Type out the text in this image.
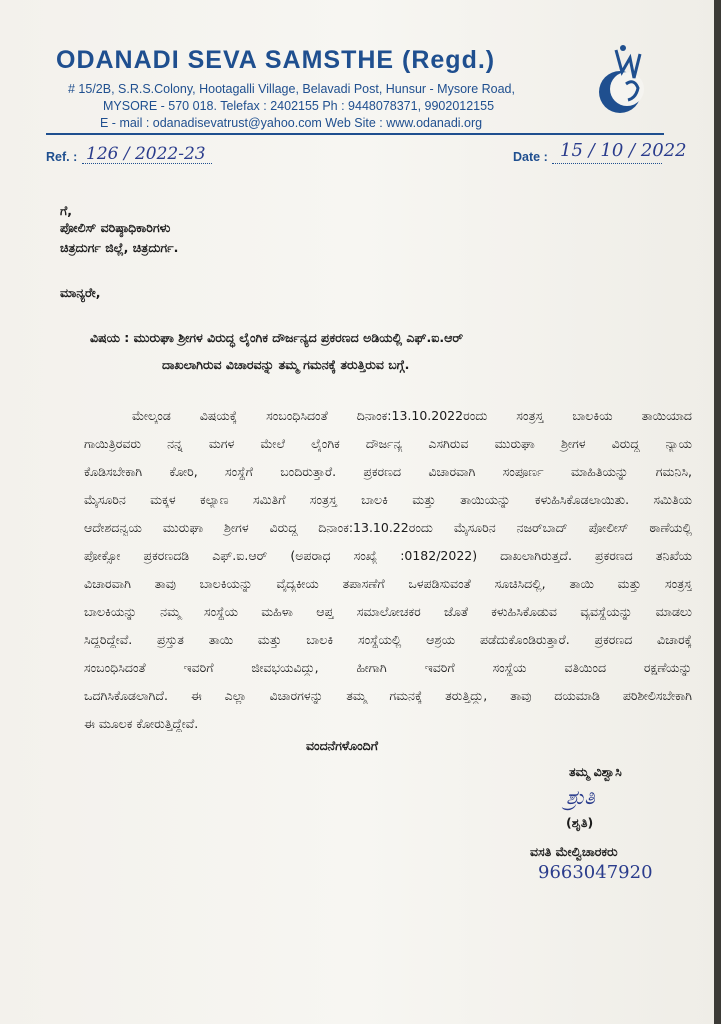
ODANADI SEVA SAMSTHE (Regd.)
# 15/2B, S.R.S.Colony, Hootagalli Village, Belavadi Post, Hunsur - Mysore Road,
MYSORE - 570 018. Telefax : 2402155 Ph : 9448078371, 9902012155
E - mail : odanadisevatrust@yahoo.com Web Site : www.odanadi.org
Ref. : 126 / 2022-23	Date : 15 / 10 / 2022
ಗೆ,
ಪೋಲಿಸ್ ವರಿಷ್ಠಾಧಿಕಾರಿಗಳು
ಚಿತ್ರದುರ್ಗ ಜಿಲ್ಲೆ, ಚಿತ್ರದುರ್ಗ.
ಮಾನ್ಯರೇ,
ವಿಷಯ : ಮುರುಘಾ ಶ್ರೀಗಳ ವಿರುದ್ಧ ಲೈಂಗಿಕ ದೌರ್ಜನ್ಯದ ಪ್ರಕರಣದ ಅಡಿಯಲ್ಲಿ ಎಫ್.ಐ.ಆರ್
ದಾಖಲಾಗಿರುವ ವಿಚಾರವನ್ನು ತಮ್ಮ ಗಮನಕ್ಕೆ ತರುತ್ತಿರುವ ಬಗ್ಗೆ.
ಮೇಲ್ಕಂಡ ವಿಷಯಕ್ಕೆ ಸಂಬಂಧಿಸಿದಂತೆ ದಿನಾಂಕ:13.10.2022ರಂದು ಸಂತ್ರಸ್ತ ಬಾಲಕಿಯ ತಾಯಿಯಾದ
ಗಾಯಿತ್ರಿರವರು ನನ್ನ ಮಗಳ ಮೇಲೆ ಲೈಂಗಿಕ ದೌರ್ಜನ್ಯ ಎಸಗಿರುವ ಮುರುಘಾ ಶ್ರೀಗಳ ವಿರುದ್ಧ ನ್ಯಾಯ
ಕೊಡಿಸಬೇಕಾಗಿ ಕೋರಿ, ಸಂಸ್ಥೆಗೆ ಬಂದಿರುತ್ತಾರೆ. ಪ್ರಕರಣದ ವಿಚಾರವಾಗಿ ಸಂಪೂರ್ಣ ಮಾಹಿತಿಯನ್ನು ಗಮನಿಸಿ,
ಮೈಸೂರಿನ ಮಕ್ಕಳ ಕಲ್ಯಾಣ ಸಮಿತಿಗೆ ಸಂತ್ರಸ್ತ ಬಾಲಕಿ ಮತ್ತು ತಾಯಿಯನ್ನು ಕಳುಹಿಸಿಕೊಡಲಾಯಿತು. ಸಮಿತಿಯ
ಆದೇಶದನ್ವಯ ಮುರುಘಾ ಶ್ರೀಗಳ ವಿರುದ್ಧ ದಿನಾಂಕ:13.10.22ರಂದು ಮೈಸೂರಿನ ನಜರ್‌ಬಾದ್ ಪೋಲೀಸ್ ಠಾಣೆಯಲ್ಲಿ
ಪೋಕ್ಸೋ ಪ್ರಕರಣದಡಿ ಎಫ್.ಐ.ಆರ್ (ಅಪರಾಧ ಸಂಖ್ಯೆ :0182/2022) ದಾಖಲಾಗಿರುತ್ತದೆ. ಪ್ರಕರಣದ ತನಿಖೆಯ
ವಿಚಾರವಾಗಿ ತಾವು ಬಾಲಕಿಯನ್ನು ವೈದ್ಯಕೀಯ ತಪಾಸಣೆಗೆ ಒಳಪಡಿಸುವಂತೆ ಸೂಚಿಸಿದಲ್ಲಿ, ತಾಯಿ ಮತ್ತು ಸಂತ್ರಸ್ತ
ಬಾಲಕಿಯನ್ನು ನಮ್ಮ ಸಂಸ್ಥೆಯ ಮಹಿಳಾ ಆಪ್ತ ಸಮಾಲೋಚಕರ ಜೊತೆ ಕಳುಹಿಸಿಕೊಡುವ ವ್ಯವಸ್ಥೆಯನ್ನು ಮಾಡಲು
ಸಿದ್ದರಿದ್ದೇವೆ. ಪ್ರಸ್ತುತ ತಾಯಿ ಮತ್ತು ಬಾಲಕಿ ಸಂಸ್ಥೆಯಲ್ಲಿ ಆಶ್ರಯ ಪಡೆದುಕೊಂಡಿರುತ್ತಾರೆ. ಪ್ರಕರಣದ ವಿಚಾರಕ್ಕೆ
ಸಂಬಂಧಿಸಿದಂತೆ ಇವರಿಗೆ ಜೀವಭಯವಿದ್ದು, ಹೀಗಾಗಿ ಇವರಿಗೆ ಸಂಸ್ಥೆಯ ವತಿಯಿಂದ ರಕ್ಷಣೆಯನ್ನು
ಒದಗಿಸಿಕೊಡಲಾಗಿದೆ. ಈ ಎಲ್ಲಾ ವಿಚಾರಗಳನ್ನು ತಮ್ಮ ಗಮನಕ್ಕೆ ತರುತ್ತಿದ್ದು, ತಾವು ದಯಮಾಡಿ ಪರಿಶೀಲಿಸಬೇಕಾಗಿ
ಈ ಮೂಲಕ ಕೋರುತ್ತಿದ್ದೇವೆ.
ವಂದನೆಗಳೊಂದಿಗೆ
ತಮ್ಮ ವಿಶ್ವಾಸಿ
ಶ್ರುತಿ
(ಶೃತಿ)
ವಸತಿ ಮೇಲ್ವಿಚಾರಕರು
9663047920
